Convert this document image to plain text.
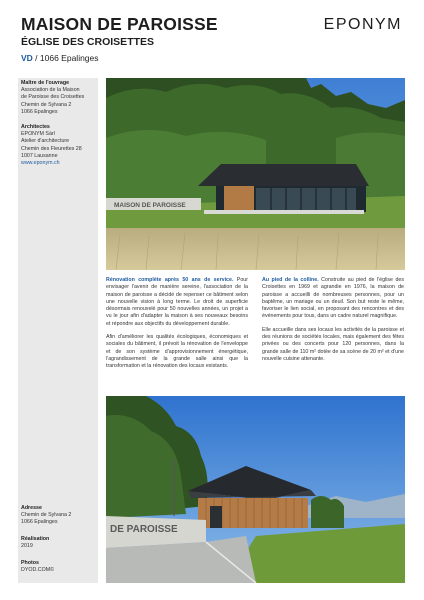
MAISON DE PAROISSE
ÉGLISE DES CROISETTES
VD / 1066 Epalinges
EPONYM
Maître de l'ouvrage
Association de la Maison
de Paroisse des Croisettes
Chemin de Sylvana 2
1066 Epalinges
Architectes
EPONYM Sàrl
Atelier d'architecture
Chemin des Fleurettes 28
1007 Lausanne
www.eponym.ch
Adresse
Chemin de Sylvana 2
1066 Epalinges
Réalisation
2019
Photos
DYOD.COM©
MAISON DE PAROISSE

Rénovation complète après 50 ans de service. Pour envisager l'avenir de manière sereine, l'association de la maison de paroisse a décidé de repenser ce bâtiment selon une nouvelle vision à long terme. Le droit de superficie désormais renouvelé pour 50 nouvelles années, un projet a vu le jour afin d'adapter la maison à ses nouveaux besoins et répondre aux objectifs du développement durable.

Afin d'améliorer les qualités écologiques, économiques et sociales du bâtiment, il prévoit la rénovation de l'enveloppe et de son système d'approvisionnement énergétique, l'agrandissement de la grande salle ainsi que la transformation et la rénovation des locaux existants.

Au pied de la colline. Construite au pied de l'église des Croisettes en 1969 et agrandie en 1976, la maison de paroisse a accueilli de nombreuses personnes, pour un baptême, un mariage ou un deuil. Son but reste le même, favoriser le lien social, en proposant des rencontres et des événements pour tous, dans un cadre naturel magnifique.

Elle accueille dans ses locaux les activités de la paroisse et des réunions de sociétés locales, mais également des fêtes privées ou des concerts pour 120 personnes, dans la grande salle de 110 m² dotée de sa scène de 20 m² et d'une nouvelle cuisine attenante.

DE PAROISSE
